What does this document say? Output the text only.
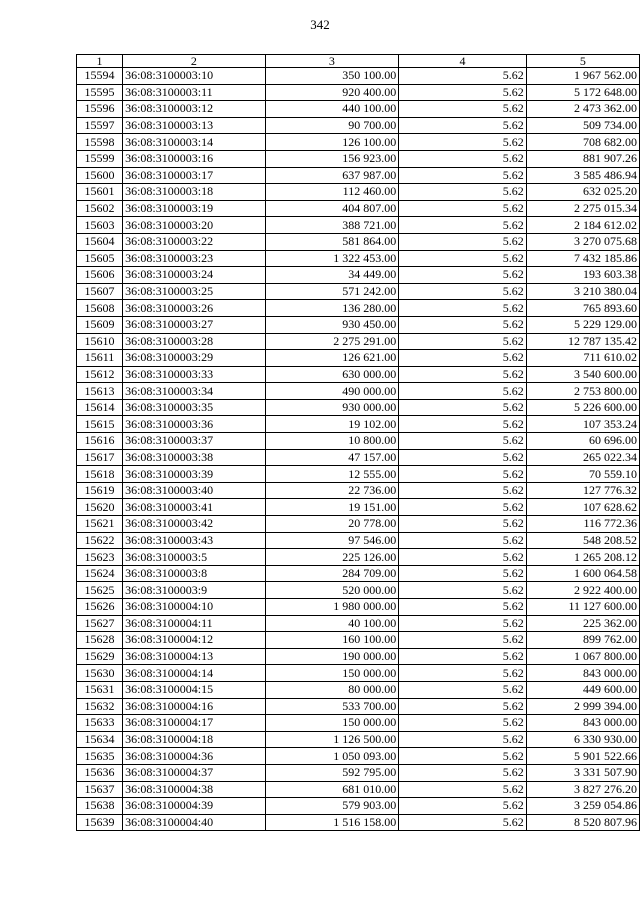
342
1	2	3	4	5
15594	36:08:3100003:10	350 100.00	5.62	1 967 562.00
15595	36:08:3100003:11	920 400.00	5.62	5 172 648.00
15596	36:08:3100003:12	440 100.00	5.62	2 473 362.00
15597	36:08:3100003:13	90 700.00	5.62	509 734.00
15598	36:08:3100003:14	126 100.00	5.62	708 682.00
15599	36:08:3100003:16	156 923.00	5.62	881 907.26
15600	36:08:3100003:17	637 987.00	5.62	3 585 486.94
15601	36:08:3100003:18	112 460.00	5.62	632 025.20
15602	36:08:3100003:19	404 807.00	5.62	2 275 015.34
15603	36:08:3100003:20	388 721.00	5.62	2 184 612.02
15604	36:08:3100003:22	581 864.00	5.62	3 270 075.68
15605	36:08:3100003:23	1 322 453.00	5.62	7 432 185.86
15606	36:08:3100003:24	34 449.00	5.62	193 603.38
15607	36:08:3100003:25	571 242.00	5.62	3 210 380.04
15608	36:08:3100003:26	136 280.00	5.62	765 893.60
15609	36:08:3100003:27	930 450.00	5.62	5 229 129.00
15610	36:08:3100003:28	2 275 291.00	5.62	12 787 135.42
15611	36:08:3100003:29	126 621.00	5.62	711 610.02
15612	36:08:3100003:33	630 000.00	5.62	3 540 600.00
15613	36:08:3100003:34	490 000.00	5.62	2 753 800.00
15614	36:08:3100003:35	930 000.00	5.62	5 226 600.00
15615	36:08:3100003:36	19 102.00	5.62	107 353.24
15616	36:08:3100003:37	10 800.00	5.62	60 696.00
15617	36:08:3100003:38	47 157.00	5.62	265 022.34
15618	36:08:3100003:39	12 555.00	5.62	70 559.10
15619	36:08:3100003:40	22 736.00	5.62	127 776.32
15620	36:08:3100003:41	19 151.00	5.62	107 628.62
15621	36:08:3100003:42	20 778.00	5.62	116 772.36
15622	36:08:3100003:43	97 546.00	5.62	548 208.52
15623	36:08:3100003:5	225 126.00	5.62	1 265 208.12
15624	36:08:3100003:8	284 709.00	5.62	1 600 064.58
15625	36:08:3100003:9	520 000.00	5.62	2 922 400.00
15626	36:08:3100004:10	1 980 000.00	5.62	11 127 600.00
15627	36:08:3100004:11	40 100.00	5.62	225 362.00
15628	36:08:3100004:12	160 100.00	5.62	899 762.00
15629	36:08:3100004:13	190 000.00	5.62	1 067 800.00
15630	36:08:3100004:14	150 000.00	5.62	843 000.00
15631	36:08:3100004:15	80 000.00	5.62	449 600.00
15632	36:08:3100004:16	533 700.00	5.62	2 999 394.00
15633	36:08:3100004:17	150 000.00	5.62	843 000.00
15634	36:08:3100004:18	1 126 500.00	5.62	6 330 930.00
15635	36:08:3100004:36	1 050 093.00	5.62	5 901 522.66
15636	36:08:3100004:37	592 795.00	5.62	3 331 507.90
15637	36:08:3100004:38	681 010.00	5.62	3 827 276.20
15638	36:08:3100004:39	579 903.00	5.62	3 259 054.86
15639	36:08:3100004:40	1 516 158.00	5.62	8 520 807.96
